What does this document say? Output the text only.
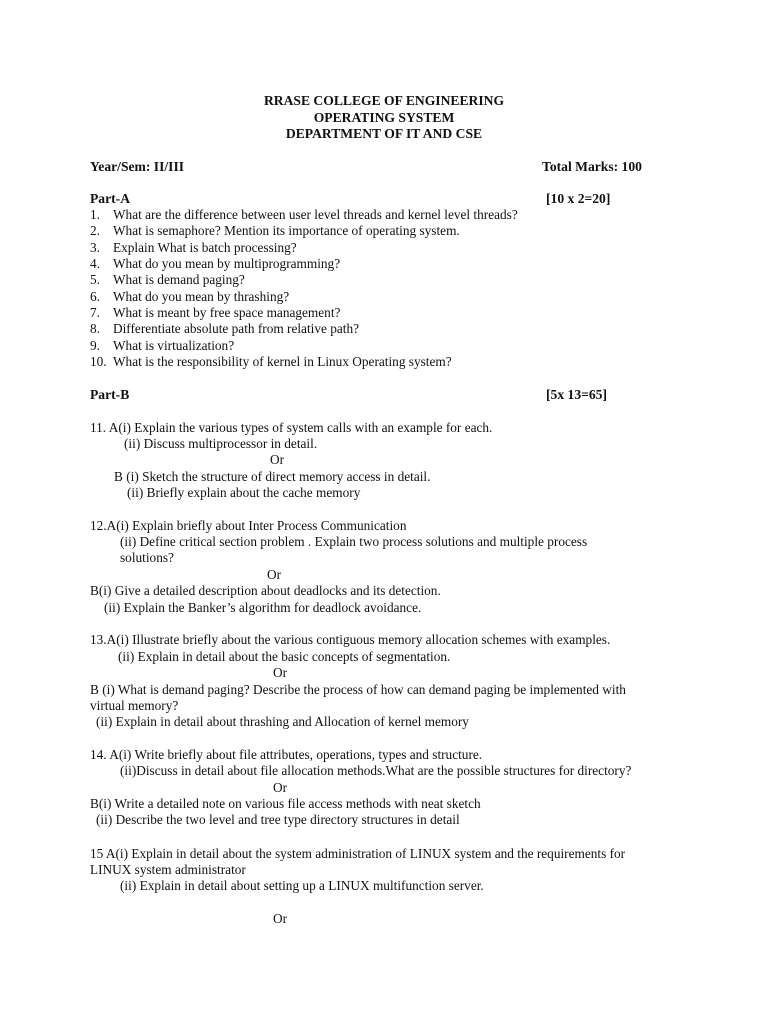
RRASE COLLEGE OF ENGINEERING
OPERATING SYSTEM
DEPARTMENT OF IT AND CSE
Year/Sem: II/III	Total Marks: 100
Part-A	[10 x 2=20]
1. What are the difference between user level threads and kernel level threads?
2. What is semaphore? Mention its importance of operating system.
3. Explain What is batch processing?
4. What do you mean by multiprogramming?
5. What is demand paging?
6. What do you mean by thrashing?
7. What is meant by free space management?
8. Differentiate absolute path from relative path?
9. What is virtualization?
10. What is the responsibility of kernel in Linux Operating system?
Part-B	[5x 13=65]
11. A(i) Explain the various types of system calls with an example for each.
(ii) Discuss multiprocessor in detail.
Or
B (i) Sketch the structure of direct memory access in detail.
(ii) Briefly explain about the cache memory
12.A(i) Explain briefly about Inter Process Communication
(ii) Define critical section problem . Explain two process solutions and multiple process
solutions?
Or
B(i) Give a detailed description about deadlocks and its detection.
(ii) Explain the Banker’s algorithm for deadlock avoidance.
13.A(i) Illustrate briefly about the various contiguous memory allocation schemes with examples.
(ii) Explain in detail about the basic concepts of segmentation.
Or
B (i) What is demand paging? Describe the process of how can demand paging be implemented with
virtual memory?
(ii) Explain in detail about thrashing and Allocation of kernel memory
14. A(i) Write briefly about file attributes, operations, types and structure.
(ii)Discuss in detail about file allocation methods.What are the possible structures for directory?
Or
B(i) Write a detailed note on various file access methods with neat sketch
(ii) Describe the two level and tree type directory structures in detail
15 A(i) Explain in detail about the system administration of LINUX system and the requirements for
LINUX system administrator
(ii) Explain in detail about setting up a LINUX multifunction server.
Or
